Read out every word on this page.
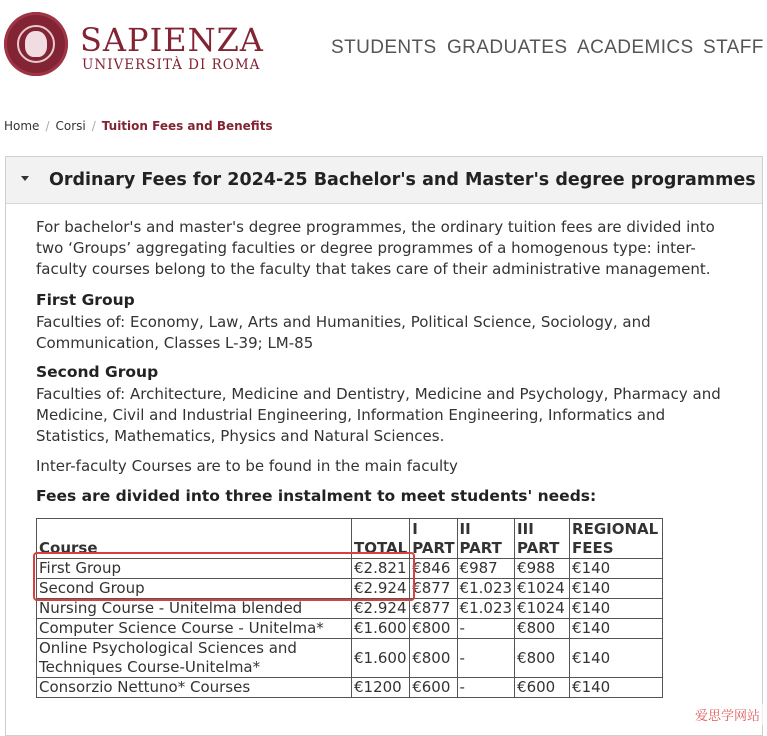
SAPIENZA
UNIVERSITÀ DI ROMA
STUDENTS GRADUATES ACADEMICS STAFF
Home / Corsi / Tuition Fees and Benefits
Ordinary Fees for 2024-25 Bachelor's and Master's degree programmes
For bachelor's and master's degree programmes, the ordinary tuition fees are divided into two ‘Groups’ aggregating faculties or degree programmes of a homogenous type: inter-faculty courses belong to the faculty that takes care of their administrative management.
First Group
Faculties of: Economy, Law, Arts and Humanities, Political Science, Sociology, and Communication, Classes L-39; LM-85
Second Group
Faculties of: Architecture, Medicine and Dentistry, Medicine and Psychology, Pharmacy and Medicine, Civil and Industrial Engineering, Information Engineering, Informatics and Statistics, Mathematics, Physics and Natural Sciences.
Inter-faculty Courses are to be found in the main faculty
Fees are divided into three instalment to meet students' needs:
Course	TOTAL	I PART	II PART	III PART	REGIONAL FEES
First Group	€2.821	€846	€987	€988	€140
Second Group	€2.924	€877	€1.023	€1024	€140
Nursing Course - Unitelma blended	€2.924	€877	€1.023	€1024	€140
Computer Science Course - Unitelma*	€1.600	€800	-	€800	€140
Online Psychological Sciences and Techniques Course-Unitelma*	€1.600	€800	-	€800	€140
Consorzio Nettuno* Courses	€1200	€600	-	€600	€140
爱思学网站
